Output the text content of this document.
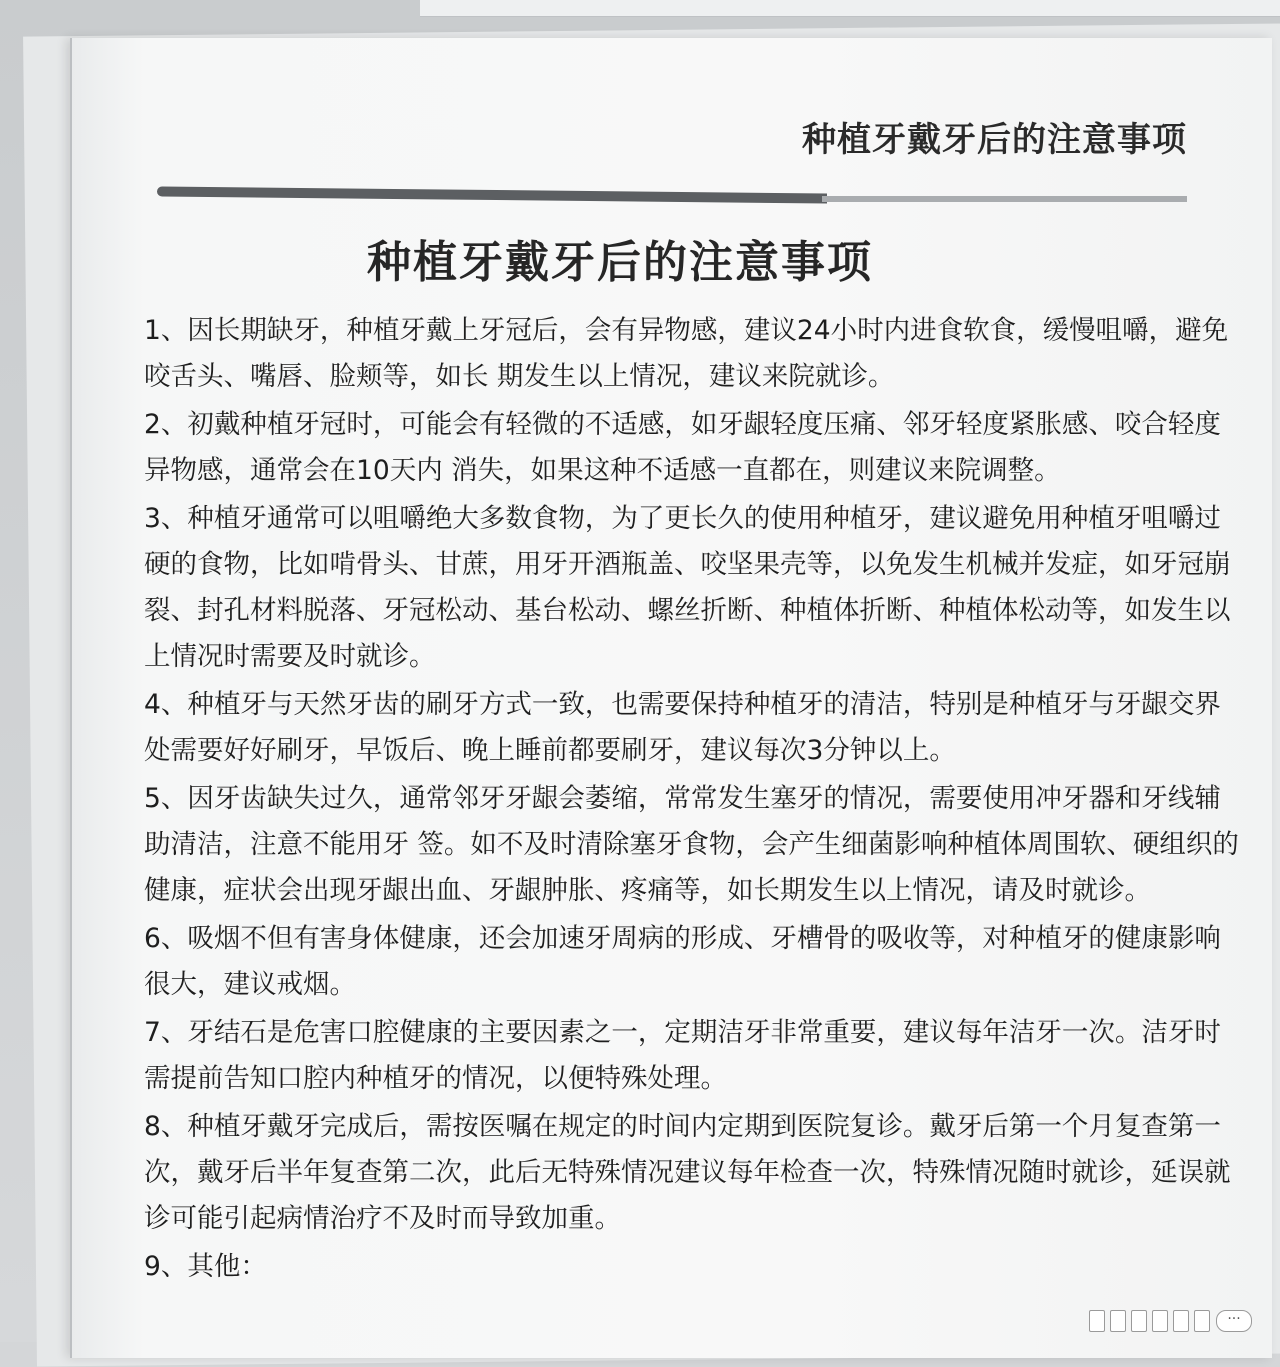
种植牙戴牙后的注意事项
种植牙戴牙后的注意事项
1、因长期缺牙，种植牙戴上牙冠后，会有异物感，建议24小时内进食软食，缓慢咀嚼，避免咬舌头、嘴唇、脸颊等，如长 期发生以上情况，建议来院就诊。
2、初戴种植牙冠时，可能会有轻微的不适感，如牙龈轻度压痛、邻牙轻度紧胀感、咬合轻度异物感，通常会在10天内 消失，如果这种不适感一直都在，则建议来院调整。
3、种植牙通常可以咀嚼绝大多数食物，为了更长久的使用种植牙，建议避免用种植牙咀嚼过硬的食物，比如啃骨头、甘蔗，用牙开酒瓶盖、咬坚果壳等，以免发生机械并发症，如牙冠崩裂、封孔材料脱落、牙冠松动、基台松动、螺丝折断、种植体折断、种植体松动等，如发生以上情况时需要及时就诊。
4、种植牙与天然牙齿的刷牙方式一致，也需要保持种植牙的清洁，特别是种植牙与牙龈交界处需要好好刷牙，早饭后、晚上睡前都要刷牙，建议每次3分钟以上。
5、因牙齿缺失过久，通常邻牙牙龈会萎缩，常常发生塞牙的情况，需要使用冲牙器和牙线辅助清洁，注意不能用牙 签。如不及时清除塞牙食物，会产生细菌影响种植体周围软、硬组织的健康，症状会出现牙龈出血、牙龈肿胀、疼痛等，如长期发生以上情况，请及时就诊。
6、吸烟不但有害身体健康，还会加速牙周病的形成、牙槽骨的吸收等，对种植牙的健康影响很大，建议戒烟。
7、牙结石是危害口腔健康的主要因素之一，定期洁牙非常重要，建议每年洁牙一次。洁牙时需提前告知口腔内种植牙的情况，以便特殊处理。
8、种植牙戴牙完成后，需按医嘱在规定的时间内定期到医院复诊。戴牙后第一个月复查第一次，戴牙后半年复查第二次，此后无特殊情况建议每年检查一次，特殊情况随时就诊，延误就诊可能引起病情治疗不及时而导致加重。
9、其他：
···
